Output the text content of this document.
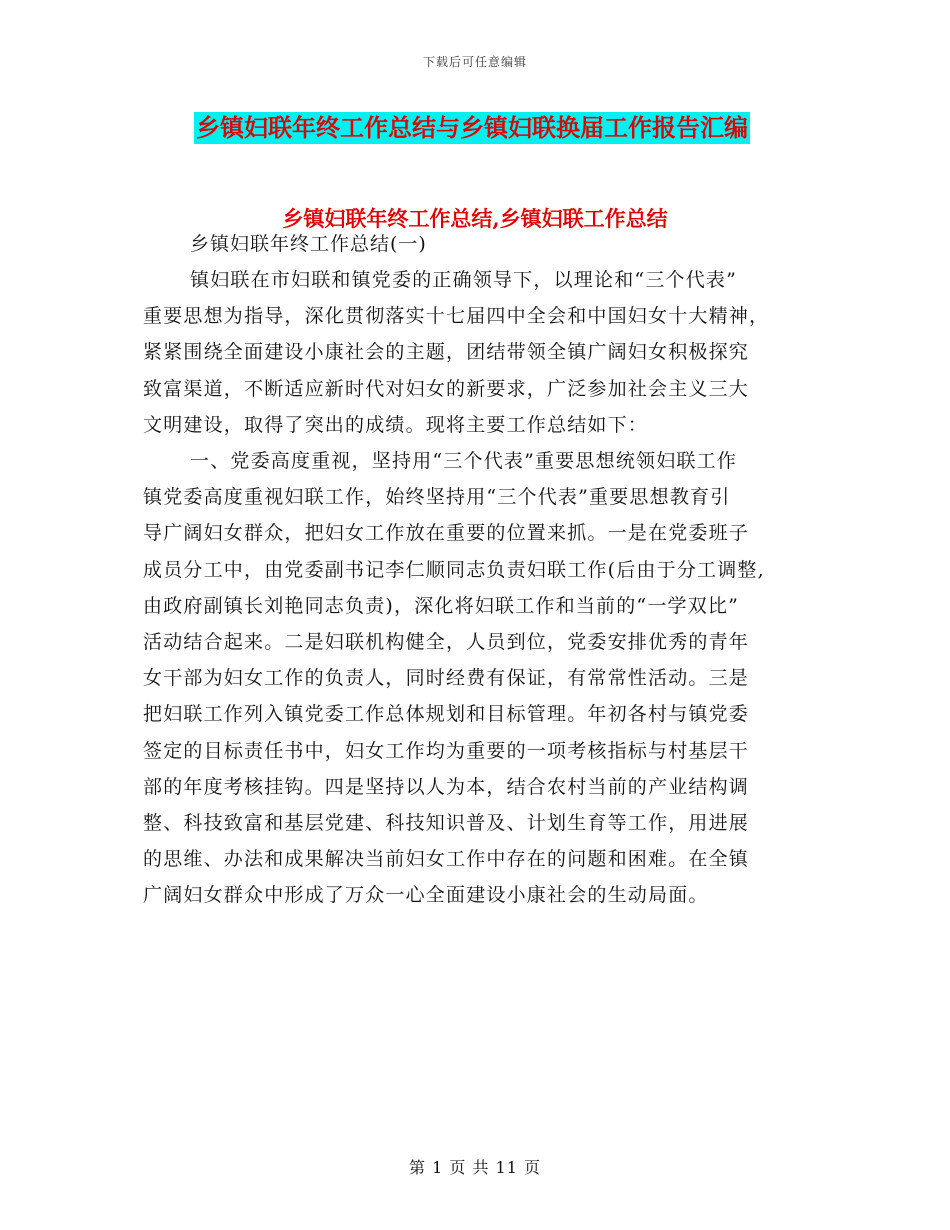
下载后可任意编辑
乡镇妇联年终工作总结与乡镇妇联换届工作报告汇编
乡镇妇联年终工作总结,乡镇妇联工作总结
乡镇妇联年终工作总结(一)
镇妇联在市妇联和镇党委的正确领导下，以理论和“三个代表”
重要思想为指导，深化贯彻落实十七届四中全会和中国妇女十大精神，
紧紧围绕全面建设小康社会的主题，团结带领全镇广阔妇女积极探究
致富渠道，不断适应新时代对妇女的新要求，广泛参加社会主义三大
文明建设，取得了突出的成绩。现将主要工作总结如下：
一、党委高度重视，坚持用“三个代表”重要思想统领妇联工作
镇党委高度重视妇联工作，始终坚持用“三个代表”重要思想教育引
导广阔妇女群众，把妇女工作放在重要的位置来抓。一是在党委班子
成员分工中，由党委副书记李仁顺同志负责妇联工作(后由于分工调整,
由政府副镇长刘艳同志负责)，深化将妇联工作和当前的“一学双比”
活动结合起来。二是妇联机构健全，人员到位，党委安排优秀的青年
女干部为妇女工作的负责人，同时经费有保证，有常常性活动。三是
把妇联工作列入镇党委工作总体规划和目标管理。年初各村与镇党委
签定的目标责任书中，妇女工作均为重要的一项考核指标与村基层干
部的年度考核挂钩。四是坚持以人为本，结合农村当前的产业结构调
整、科技致富和基层党建、科技知识普及、计划生育等工作，用进展
的思维、办法和成果解决当前妇女工作中存在的问题和困难。在全镇
广阔妇女群众中形成了万众一心全面建设小康社会的生动局面。
第 1 页 共 11 页
